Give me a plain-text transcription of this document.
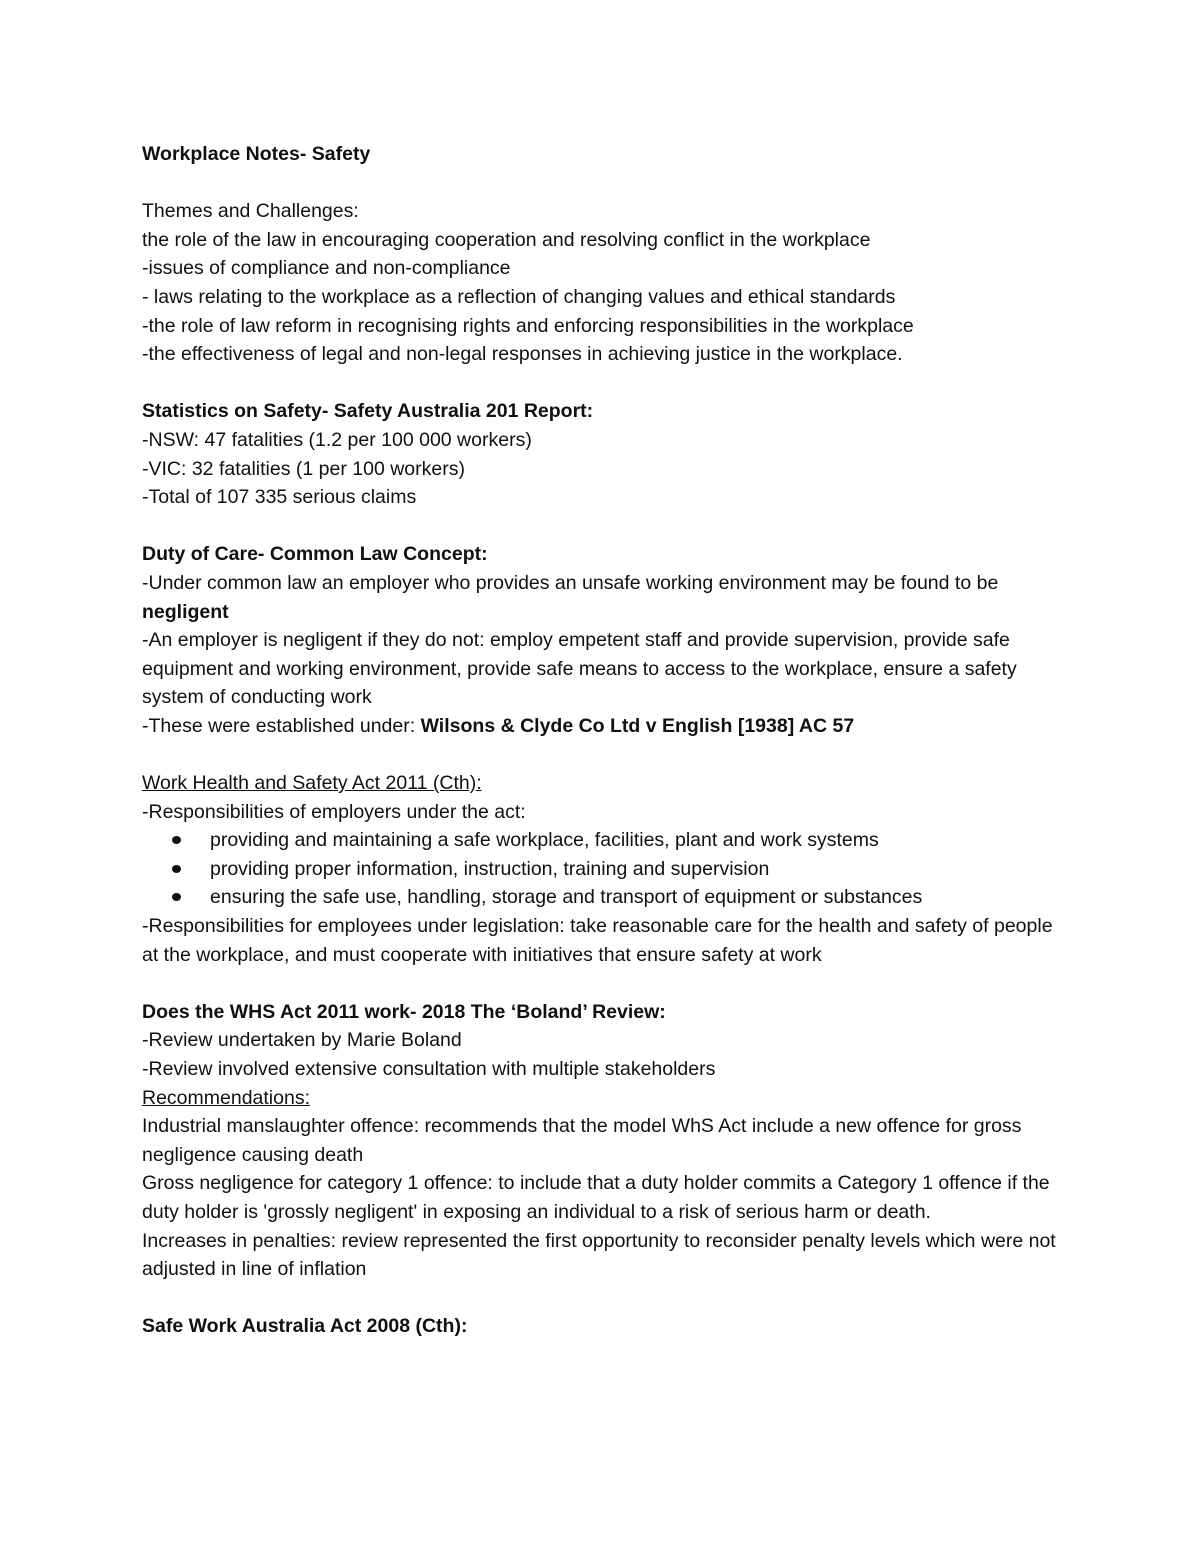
Workplace Notes- Safety
Themes and Challenges:
the role of the law in encouraging cooperation and resolving conflict in the workplace
-issues of compliance and non-compliance
- laws relating to the workplace as a reflection of changing values and ethical standards
-the role of law reform in recognising rights and enforcing responsibilities in the workplace
-the effectiveness of legal and non-legal responses in achieving justice in the workplace.
Statistics on Safety- Safety Australia 201 Report:
-NSW: 47 fatalities (1.2 per 100 000 workers)
-VIC: 32 fatalities (1 per 100 workers)
-Total of 107 335 serious claims
Duty of Care- Common Law Concept:
-Under common law an employer who provides an unsafe working environment may be found to be negligent
-An employer is negligent if they do not: employ empetent staff and provide supervision, provide safe equipment and working environment, provide safe means to access to the workplace, ensure a safety system of conducting work
-These were established under: Wilsons & Clyde Co Ltd v English [1938] AC 57
Work Health and Safety Act 2011 (Cth):
-Responsibilities of employers under the act:
providing and maintaining a safe workplace, facilities, plant and work systems
providing proper information, instruction, training and supervision
ensuring the safe use, handling, storage and transport of equipment or substances
-Responsibilities for employees under legislation: take reasonable care for the health and safety of people at the workplace, and must cooperate with initiatives that ensure safety at work
Does the WHS Act 2011 work- 2018 The ‘Boland’ Review:
-Review undertaken by Marie Boland
-Review involved extensive consultation with multiple stakeholders
Recommendations:
Industrial manslaughter offence: recommends that the model WhS Act include a new offence for gross negligence causing death
Gross negligence for category 1 offence: to include that a duty holder commits a Category 1 offence if the duty holder is 'grossly negligent' in exposing an individual to a risk of serious harm or death.
Increases in penalties: review represented the first opportunity to reconsider penalty levels which were not adjusted in line of inflation
Safe Work Australia Act 2008 (Cth):
